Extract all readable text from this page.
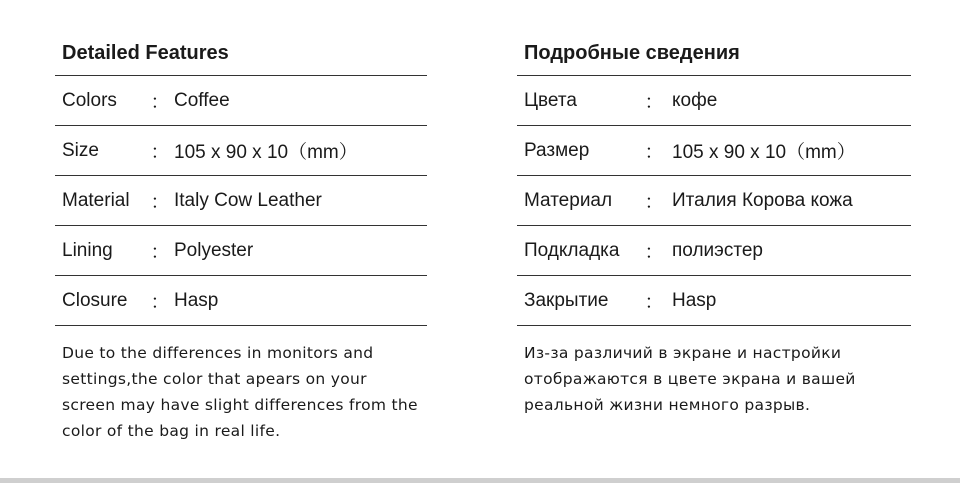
Detailed Features
Colors	： Coffee
Size	： 105 x 90 x 10（mm）
Material	： Italy Cow Leather
Lining	： Polyester
Closure	： Hasp
Due to the differences in monitors and
settings,the color that apears on your
screen may have slight differences from the
color of the bag in real life.
Подробные сведения
Цвета	： кофе
Размер	： 105 x 90 x 10（mm）
Материал	： Италия Корова кожа
Подкладка	： полиэстер
Закрытие	： Hasp
Из-за различий в экране и настройки
отображаются в цвете экрана и вашей
реальной жизни немного разрыв.
